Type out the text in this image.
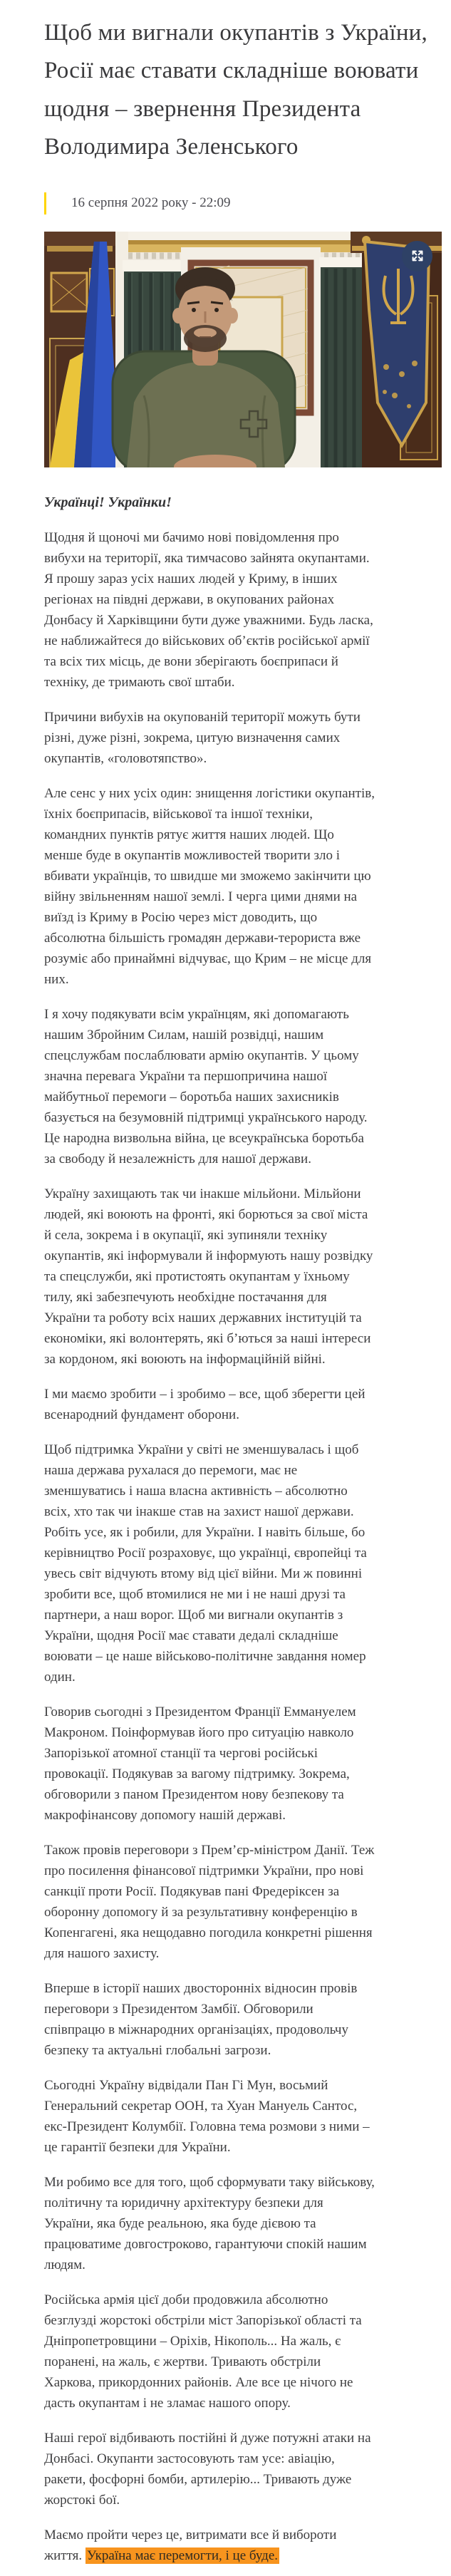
Щоб ми вигнали окупантів з України, Росії має ставати складніше воювати щодня – звернення Президента Володимира Зеленського
16 серпня 2022 року - 22:09

Українці! Українки!

Щодня й щоночі ми бачимо нові повідомлення про вибухи на території, яка тимчасово зайнята окупантами. Я прошу зараз усіх наших людей у Криму, в інших регіонах на півдні держави, в окупованих районах Донбасу й Харківщини бути дуже уважними. Будь ласка, не наближайтеся до військових об’єктів російської армії та всіх тих місць, де вони зберігають боєприпаси й техніку, де тримають свої штаби.

Причини вибухів на окупованій території можуть бути різні, дуже різні, зокрема, цитую визначення самих окупантів, «головотяпство».

Але сенс у них усіх один: знищення логістики окупантів, їхніх боєприпасів, військової та іншої техніки, командних пунктів рятує життя наших людей. Що менше буде в окупантів можливостей творити зло і вбивати українців, то швидше ми зможемо закінчити цю війну звільненням нашої землі. І черга цими днями на виїзд із Криму в Росію через міст доводить, що абсолютна більшість громадян держави-терориста вже розуміє або принаймні відчуває, що Крим – не місце для них.

І я хочу подякувати всім українцям, які допомагають нашим Збройним Силам, нашій розвідці, нашим спецслужбам послаблювати армію окупантів. У цьому значна перевага України та першопричина нашої майбутньої перемоги – боротьба наших захисників базується на безумовній підтримці українського народу. Це народна визвольна війна, це всеукраїнська боротьба за свободу й незалежність для нашої держави.

Україну захищають так чи інакше мільйони. Мільйони людей, які воюють на фронті, які борються за свої міста й села, зокрема і в окупації, які зупиняли техніку окупантів, які інформували й інформують нашу розвідку та спецслужби, які протистоять окупантам у їхньому тилу, які забезпечують необхідне постачання для України та роботу всіх наших державних інституцій та економіки, які волонтерять, які б’ються за наші інтереси за кордоном, які воюють на інформаційній війні.

І ми маємо зробити – і зробимо – все, щоб зберегти цей всенародний фундамент оборони.

Щоб підтримка України у світі не зменшувалась і щоб наша держава рухалася до перемоги, має не зменшуватись і наша власна активність – абсолютно всіх, хто так чи інакше став на захист нашої держави. Робіть усе, як і робили, для України. І навіть більше, бо керівництво Росії розраховує, що українці, європейці та увесь світ відчують втому від цієї війни. Ми ж повинні зробити все, щоб втомилися не ми і не наші друзі та партнери, а наш ворог. Щоб ми вигнали окупантів з України, щодня Росії має ставати дедалі складніше воювати – це наше військово-політичне завдання номер один.

Говорив сьогодні з Президентом Франції Еммануелем Макроном. Поінформував його про ситуацію навколо Запорізької атомної станції та чергові російські провокації. Подякував за вагому підтримку. Зокрема, обговорили з паном Президентом нову безпекову та макрофінансову допомогу нашій державі.

Також провів переговори з Прем’єр-міністром Данії. Теж про посилення фінансової підтримки України, про нові санкції проти Росії. Подякував пані Фредеріксен за оборонну допомогу й за результативну конференцію в Копенгагені, яка нещодавно погодила конкретні рішення для нашого захисту.

Вперше в історії наших двосторонніх відносин провів переговори з Президентом Замбії. Обговорили співпрацю в міжнародних організаціях, продовольчу безпеку та актуальні глобальні загрози.

Сьогодні Україну відвідали Пан Гі Мун, восьмий Генеральний секретар ООН, та Хуан Мануель Сантос, екс-Президент Колумбії. Головна тема розмови з ними – це гарантії безпеки для України.

Ми робимо все для того, щоб сформувати таку військову, політичну та юридичну архітектуру безпеки для України, яка буде реальною, яка буде дієвою та працюватиме довгостроково, гарантуючи спокій нашим людям.

Російська армія цієї доби продовжила абсолютно безглузді жорстокі обстріли міст Запорізької області та Дніпропетровщини – Оріхів, Нікополь... На жаль, є поранені, на жаль, є жертви. Тривають обстріли Харкова, прикордонних районів. Але все це нічого не дасть окупантам і не зламає нашого опору.

Наші герої відбивають постійні й дуже потужні атаки на Донбасі. Окупанти застосовують там усе: авіацію, ракети, фосфорні бомби, артилерію... Тривають дуже жорстокі бої.

Маємо пройти через це, витримати все й вибороти життя. Україна має перемогти, і це буде.
